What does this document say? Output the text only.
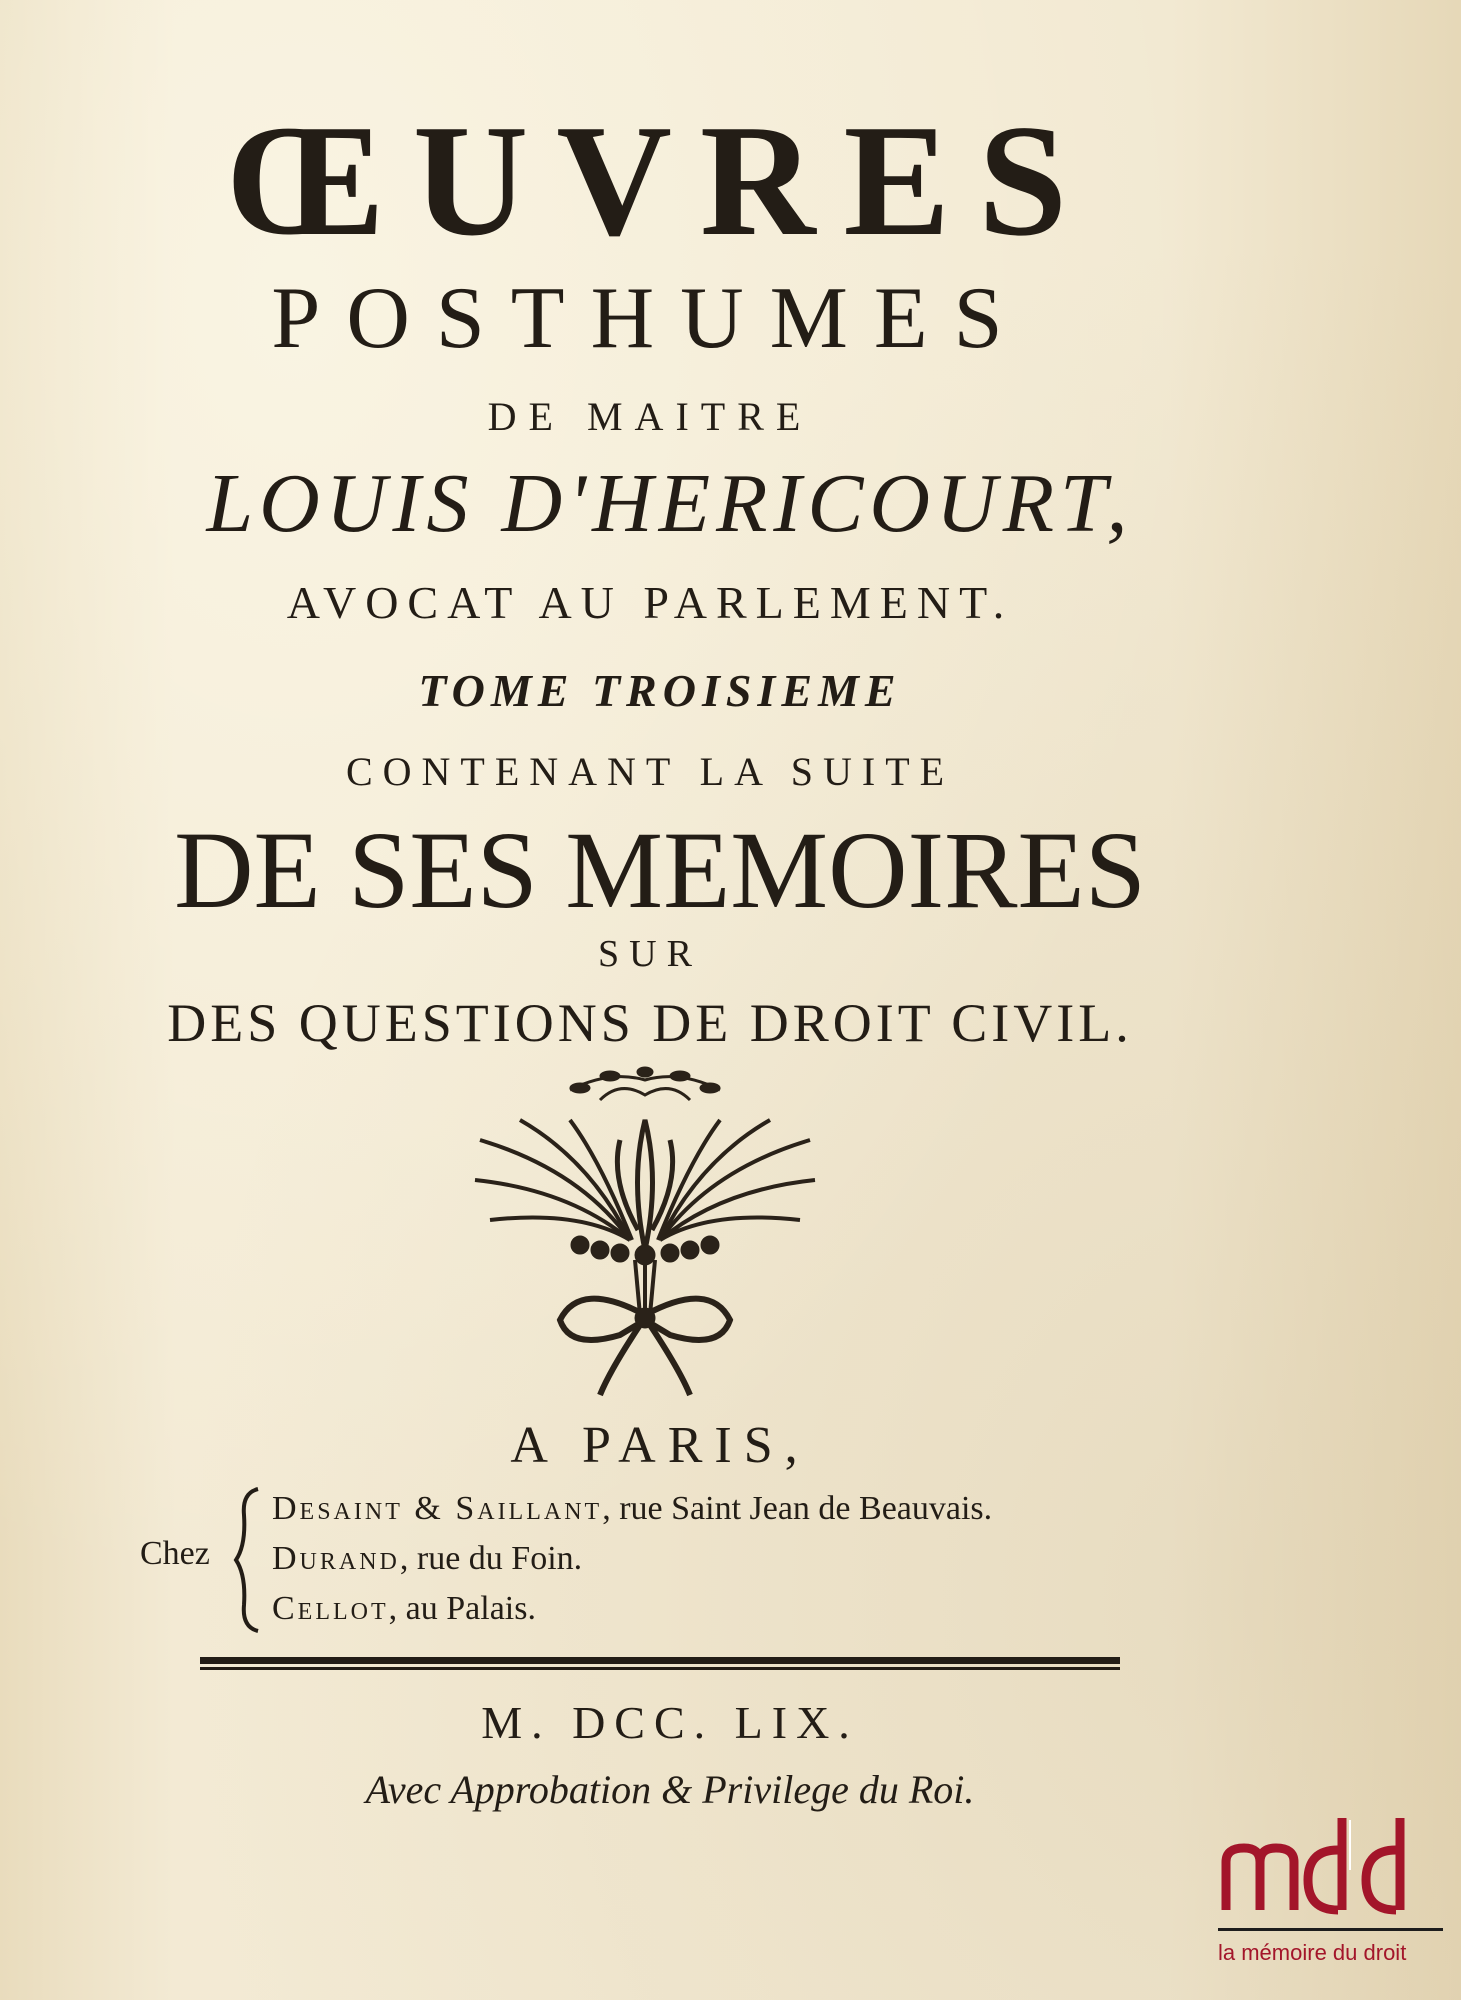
ŒUVRES
POSTHUMES
DE MAITRE
LOUIS D'HERICOURT,
AVOCAT AU PARLEMENT.
TOME TROISIEME
CONTENANT LA SUITE
DE SES MEMOIRES
SUR
DES QUESTIONS DE DROIT CIVIL.
A PARIS,
Chez
Desaint & Saillant, rue Saint Jean de Beauvais.
Durand, rue du Foin.
Cellot, au Palais.
M. DCC. LIX.
Avec Approbation & Privilege du Roi.
la mémoire du droit
